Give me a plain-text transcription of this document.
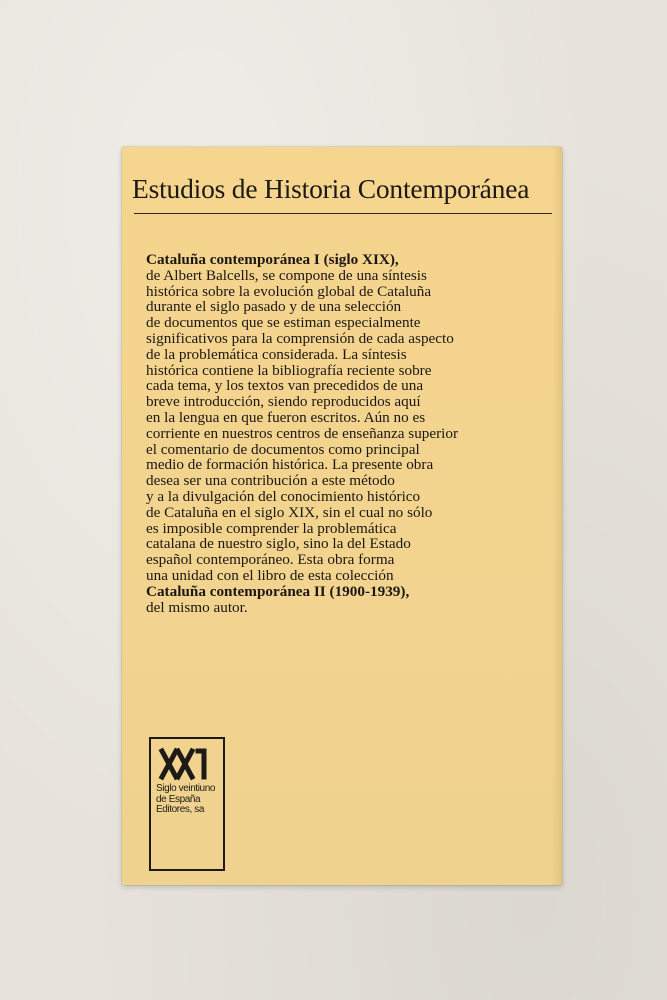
Estudios de Historia Contemporánea
Cataluña contemporánea I (siglo XIX),
de Albert Balcells, se compone de una síntesis
histórica sobre la evolución global de Cataluña
durante el siglo pasado y de una selección
de documentos que se estiman especialmente
significativos para la comprensión de cada aspecto
de la problemática considerada. La síntesis
histórica contiene la bibliografía reciente sobre
cada tema, y los textos van precedidos de una
breve introducción, siendo reproducidos aquí
en la lengua en que fueron escritos. Aún no es
corriente en nuestros centros de enseñanza superior
el comentario de documentos como principal
medio de formación histórica. La presente obra
desea ser una contribución a este método
y a la divulgación del conocimiento histórico
de Cataluña en el siglo XIX, sin el cual no sólo
es imposible comprender la problemática
catalana de nuestro siglo, sino la del Estado
español contemporáneo. Esta obra forma
una unidad con el libro de esta colección
Cataluña contemporánea II (1900-1939),
del mismo autor.
Siglo veintiuno
de España
Editores, sa
